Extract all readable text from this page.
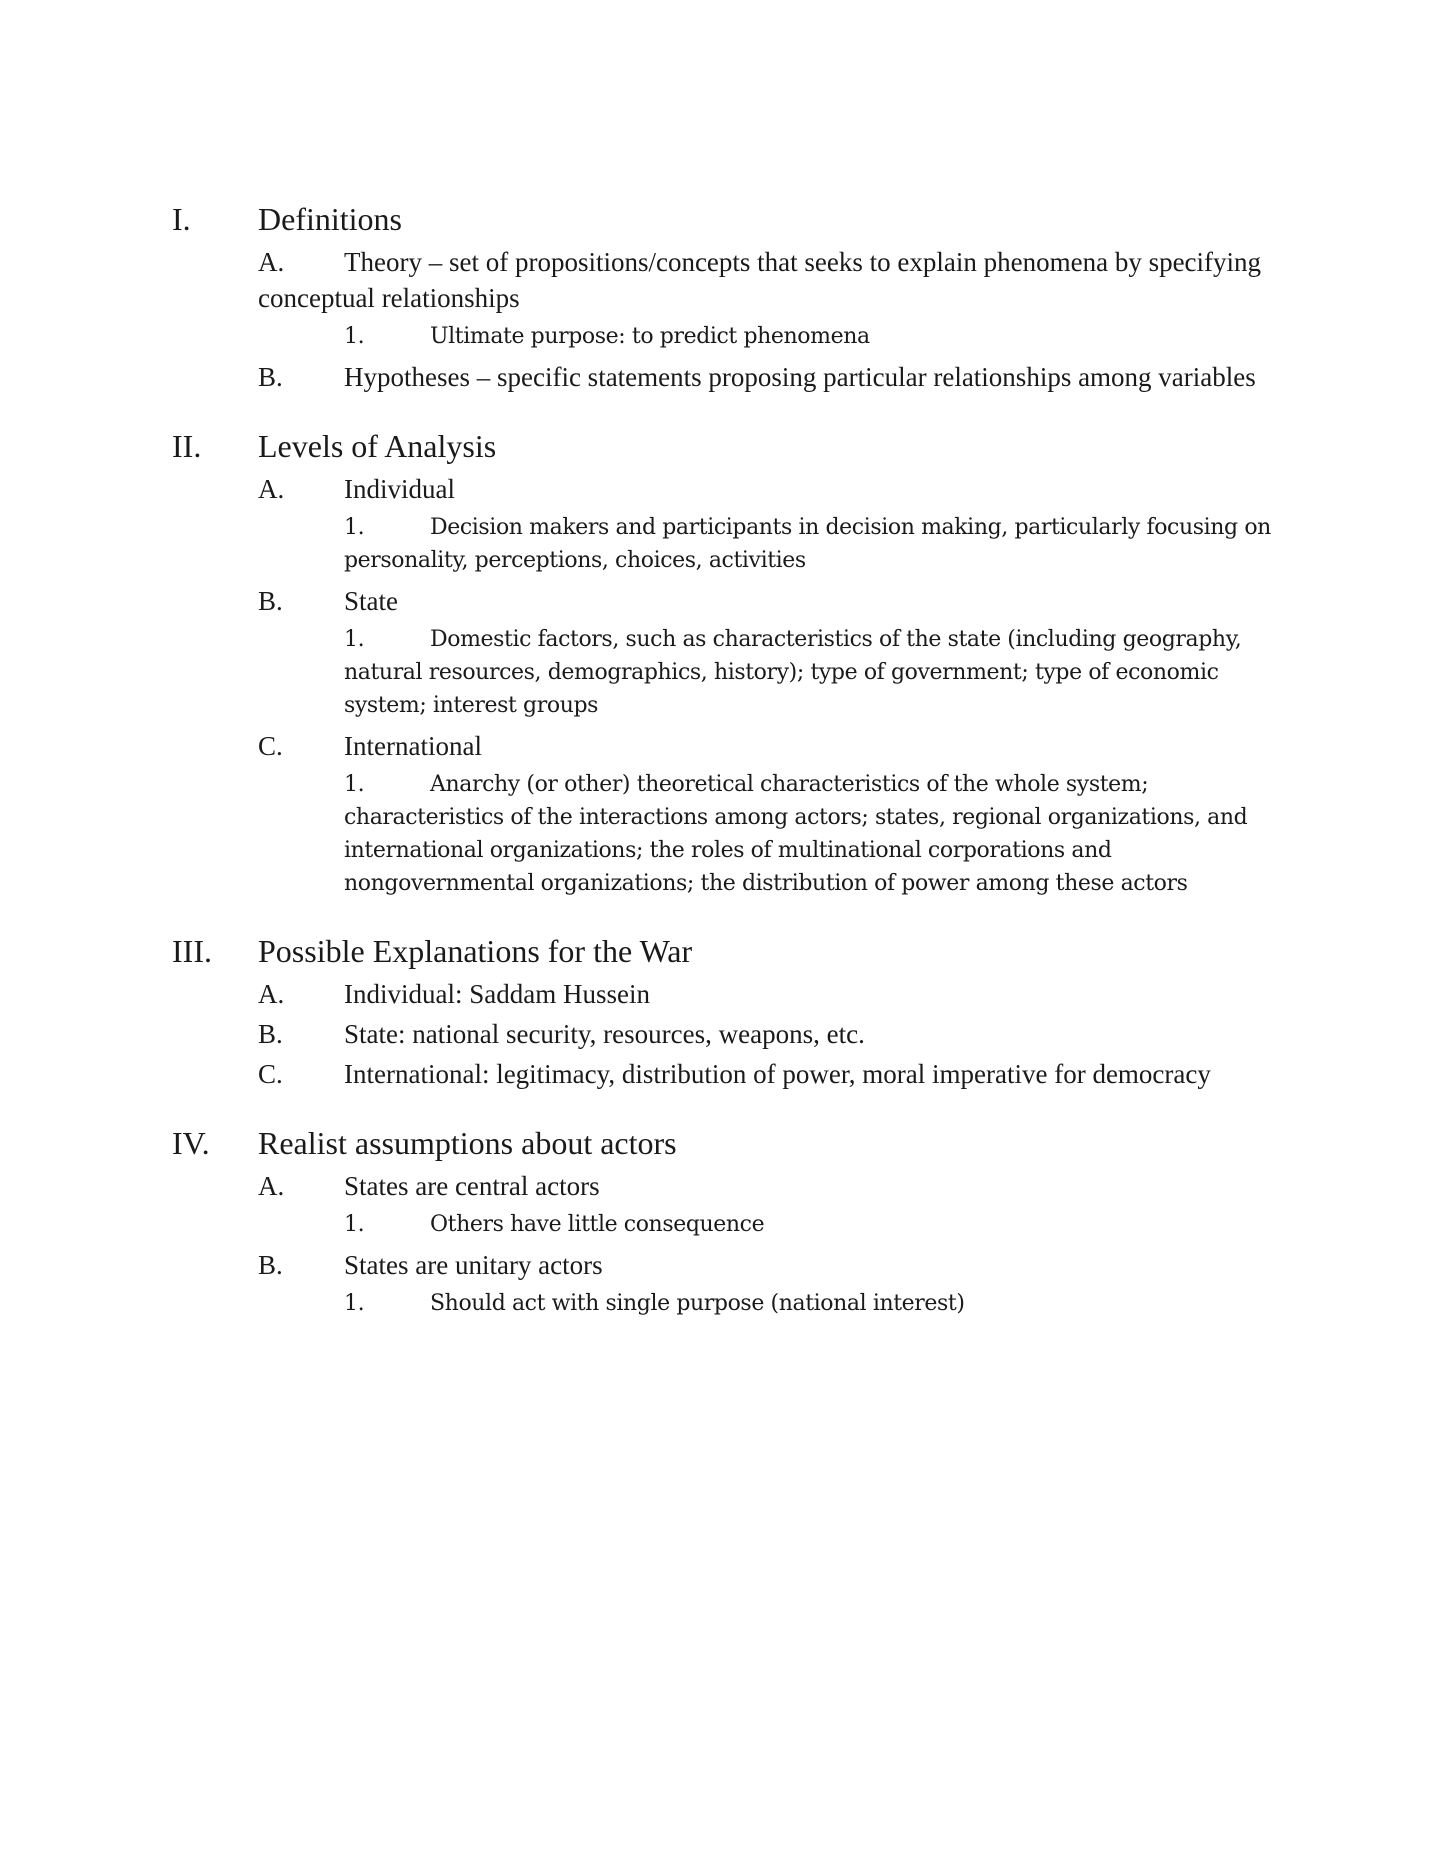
I.	Definitions
A. Theory – set of propositions/concepts that seeks to explain phenomena by specifying conceptual relationships
1.	Ultimate purpose: to predict phenomena
B. Hypotheses – specific statements proposing particular relationships among variables
II.	Levels of Analysis
A. Individual
1.	Decision makers and participants in decision making, particularly focusing on personality, perceptions, choices, activities
B. State
1.	Domestic factors, such as characteristics of the state (including geography, natural resources, demographics, history); type of government; type of economic system; interest groups
C. International
1.	Anarchy (or other) theoretical characteristics of the whole system; characteristics of the interactions among actors; states, regional organizations, and international organizations; the roles of multinational corporations and nongovernmental organizations; the distribution of power among these actors
III.	Possible Explanations for the War
A. Individual: Saddam Hussein
B. State: national security, resources, weapons, etc.
C. International: legitimacy, distribution of power, moral imperative for democracy
IV.	Realist assumptions about actors
A. States are central actors
1.	Others have little consequence
B. States are unitary actors
1.	Should act with single purpose (national interest)
